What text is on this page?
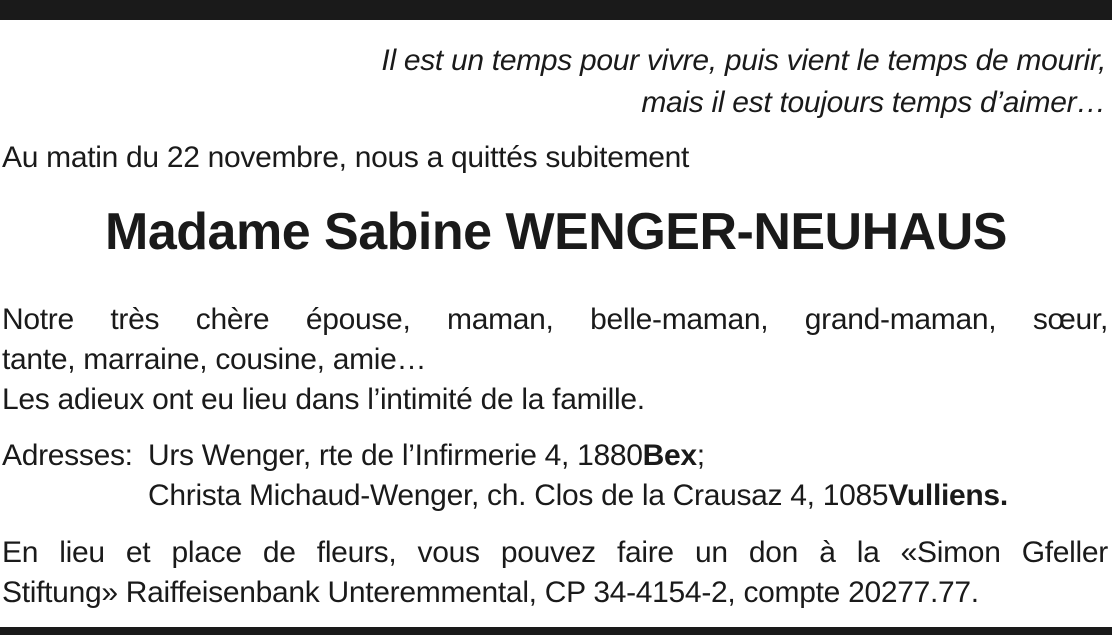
Il est un temps pour vivre, puis vient le temps de mourir,
mais il est toujours temps d’aimer…
Au matin du 22 novembre, nous a quittés subitement
Madame Sabine WENGER-NEUHAUS
Notre très chère épouse, maman, belle-maman, grand-maman, sœur,
tante, marraine, cousine, amie…
Les adieux ont eu lieu dans l’intimité de la famille.
Adresses: Urs Wenger, rte de l’Infirmerie 4, 1880 Bex ;
Christa Michaud-Wenger, ch. Clos de la Crausaz 4, 1085 Vulliens.
En lieu et place de fleurs, vous pouvez faire un don à la «Simon Gfeller
Stiftung» Raiffeisenbank Unteremmental, CP 34-4154-2, compte 20277.77.
